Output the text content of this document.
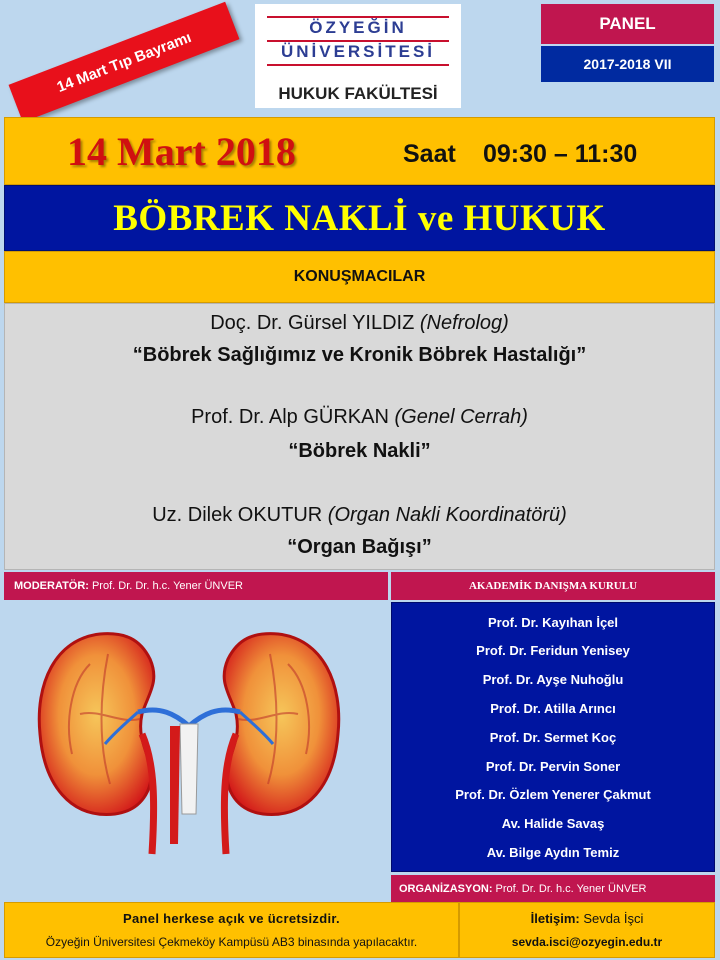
14 Mart Tıp Bayramı
ÖZYEĞİN
ÜNİVERSİTESİ
HUKUK FAKÜLTESİ
PANEL
2017-2018 VII
14 Mart 2018	Saat 09:30 – 11:30
BÖBREK NAKLİ ve HUKUK
KONUŞMACILAR
Doç. Dr. Gürsel YILDIZ (Nefrolog)
“Böbrek Sağlığımız ve Kronik Böbrek Hastalığı”
Prof. Dr. Alp GÜRKAN (Genel Cerrah)
“Böbrek Nakli”
Uz. Dilek OKUTUR (Organ Nakli Koordinatörü)
“Organ Bağışı”
MODERATÖR: Prof. Dr. Dr. h.c. Yener ÜNVER	AKADEMİK DANIŞMA KURULU
Prof. Dr. Kayıhan İçel
Prof. Dr. Feridun Yenisey
Prof. Dr. Ayşe Nuhoğlu
Prof. Dr. Atilla Arıncı
Prof. Dr. Sermet Koç
Prof. Dr. Pervin Soner
Prof. Dr. Özlem Yenerer Çakmut
Av. Halide Savaş
Av. Bilge Aydın Temiz
ORGANİZASYON: Prof. Dr. Dr. h.c. Yener ÜNVER
Panel herkese açık ve ücretsizdir.
Özyeğin Üniversitesi Çekmeköy Kampüsü AB3 binasında yapılacaktır.
İletişim: Sevda İşci
sevda.isci@ozyegin.edu.tr
